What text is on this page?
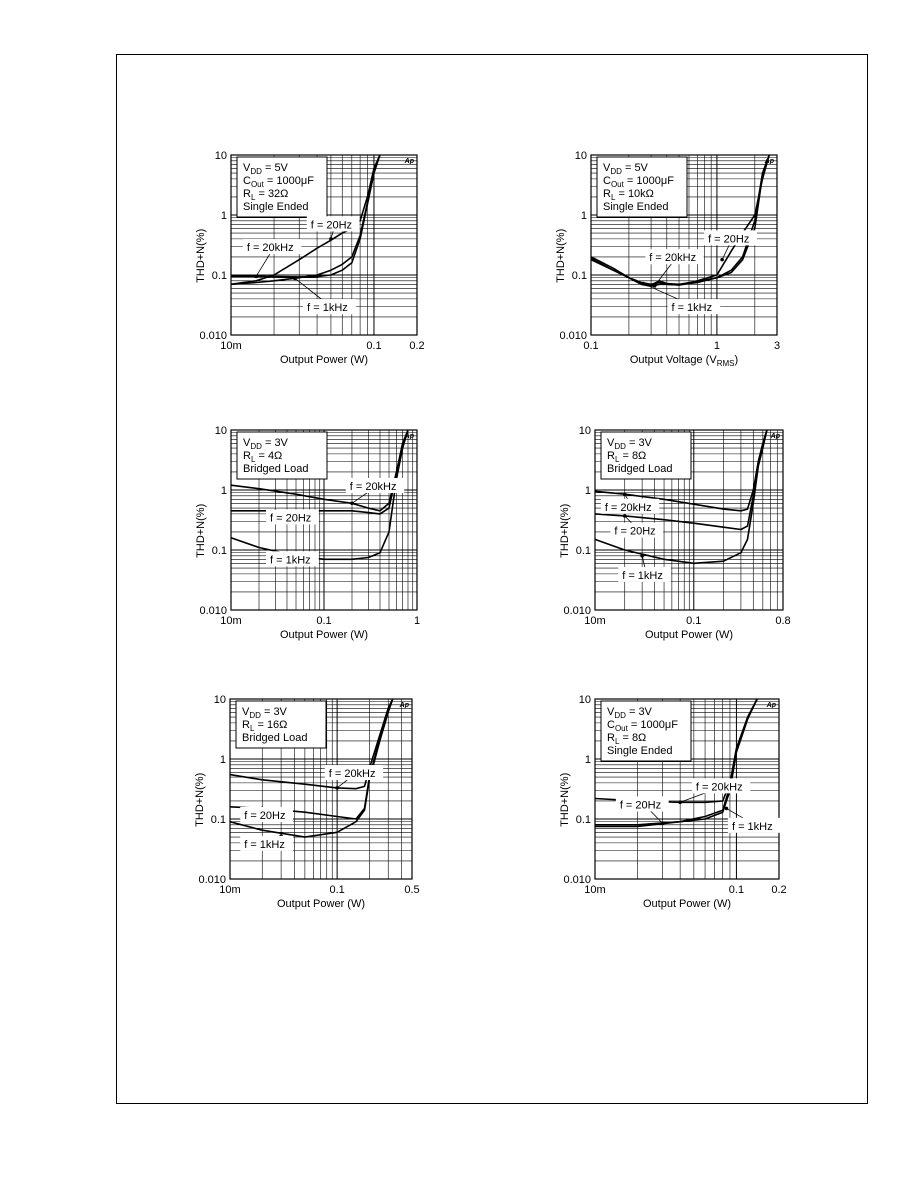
10m	0.1	0.2
10
1
0.1
0.010
Output Power (W)
THD+N(%)
Ap
$V_{DD} = 5V$
$C_{Out} = 1000\mu F$
$R_L = 32\Omega$
Single Ended
f = 20Hz
f = 20kHz
f = 1kHz
0.1	1	3
10
1
0.1
0.010
Output Voltage $(V_{RMS})$
THD+N(%)
Ap
$V_{DD} = 5V$
$C_{Out} = 1000\mu F$
$R_L = 10k\Omega$
Single Ended
f = 20Hz
f = 20kHz
f = 1kHz
10m	0.1	1
10
1
0.1
0.010
Output Power (W)
THD+N(%)
Ap
$V_{DD} = 3V$
$R_L = 4\Omega$
Bridged Load
f = 20kHz
f = 20Hz
f = 1kHz
10m	0.1	0.8
10
1
0.1
0.010
Output Power (W)
THD+N(%)
Ap
$V_{DD} = 3V$
$R_L = 8\Omega$
Bridged Load
f = 20kHz
f = 20Hz
f = 1kHz
10m	0.1	0.5
10
1
0.1
0.010
Output Power (W)
THD+N(%)
Ap
$V_{DD} = 3V$
$R_L = 16\Omega$
Bridged Load
f = 20kHz
f = 20Hz
f = 1kHz
10m	0.1 0.2
10
1
0.1
0.010
Output Power (W)
THD+N(%)
Ap
$V_{DD} = 3V$
$C_{Out} = 1000\mu F$
$R_L = 8\Omega$
Single Ended
f = 20kHz
f = 20Hz
f = 1kHz
